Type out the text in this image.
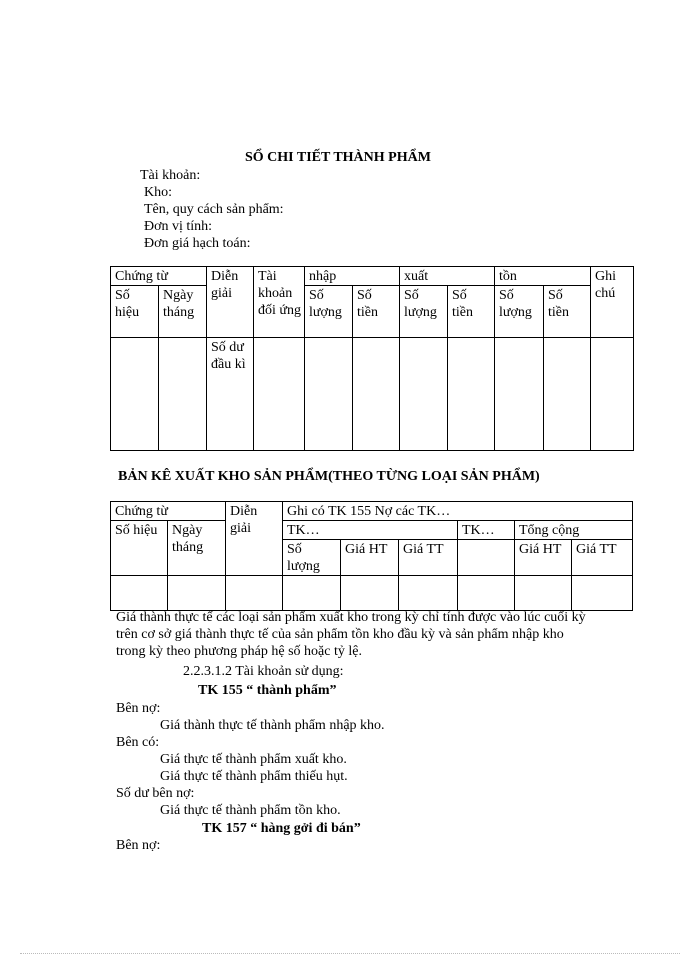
SỔ CHI TIẾT THÀNH PHẨM
Tài khoản:
Kho:
Tên, quy cách sản phẩm:
Đơn vị tính:
Đơn giá hạch toán:
Chứng từ		Diễn giải	Tài khoản đối ứng	nhập		xuất		tồn		Ghi chú
Số hiệu	Ngày tháng			Số lượng	Số tiền	Số lượng	Số tiền	Số lượng	Số tiền	
		Số dư đầu kì								
BẢN KÊ XUẤT KHO SẢN PHẨM(THEO TỪNG LOẠI SẢN PHẨM)
Chứng từ		Diễn giải	Ghi có TK 155 Nợ các TK…					
Số hiệu	Ngày tháng		TK…			TK…	Tổng cộng	
			Số lượng	Giá HT	Giá TT		Giá HT	Giá TT

Giá thành thực tế các loại sản phẩm xuất kho trong kỳ chỉ tính được vào lúc cuối kỳ
trên cơ sở giá thành thực tế của sản phẩm tồn kho đầu kỳ và sản phẩm nhập kho
trong kỳ theo phương pháp hệ số hoặc tỷ lệ.
2.2.3.1.2 Tài khoản sử dụng:
TK 155 “ thành phẩm”
Bên nợ:
Giá thành thực tế thành phẩm nhập kho.
Bên có:
Giá thực tế thành phẩm xuất kho.
Giá thực tế thành phẩm thiếu hụt.
Số dư bên nợ:
Giá thực tế thành phẩm tồn kho.
TK 157 “ hàng gởi đi bán”
Bên nợ:
